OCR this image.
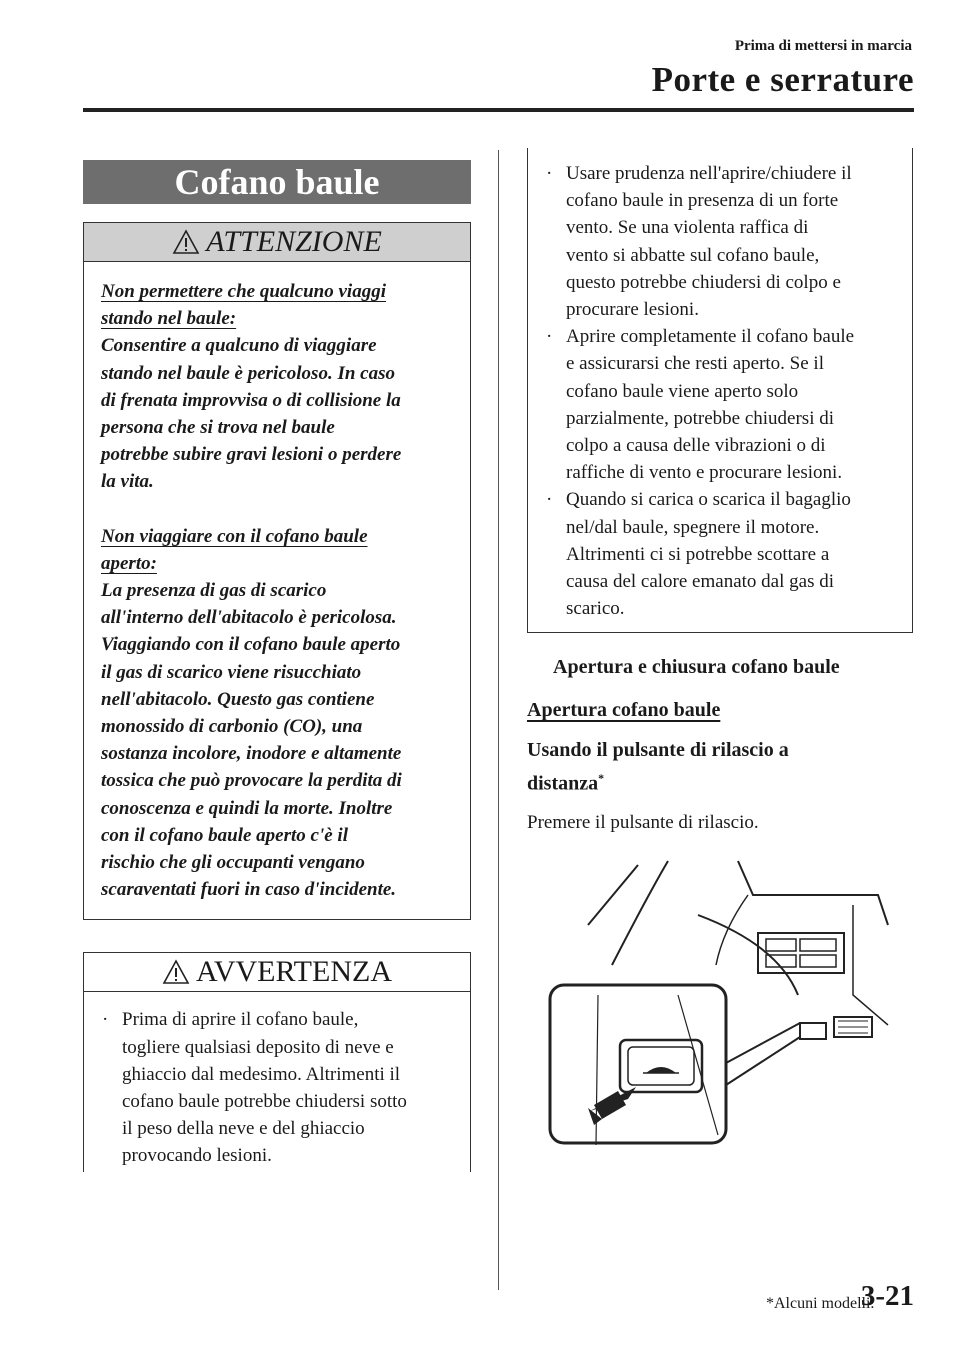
Prima di mettersi in marcia
Porte e serrature
Cofano baule
ATTENZIONE

Non permettere che qualcuno viaggi
stando nel baule:

Consentire a qualcuno di viaggiare
stando nel baule è pericoloso. In caso
di frenata improvvisa o di collisione la
persona che si trova nel baule
potrebbe subire gravi lesioni o perdere
la vita.

Non viaggiare con il cofano baule
aperto:

La presenza di gas di scarico
all'interno dell'abitacolo è pericolosa.
Viaggiando con il cofano baule aperto
il gas di scarico viene risucchiato
nell'abitacolo. Questo gas contiene
monossido di carbonio (CO), una
sostanza incolore, inodore e altamente
tossica che può provocare la perdita di
conoscenza e quindi la morte. Inoltre
con il cofano baule aperto c'è il
rischio che gli occupanti vengano
scaraventati fuori in caso d'incidente.

AVVERTENZA
· Prima di aprire il cofano baule,
togliere qualsiasi deposito di neve e
ghiaccio dal medesimo. Altrimenti il
cofano baule potrebbe chiudersi sotto
il peso della neve e del ghiaccio
provocando lesioni.
· Usare prudenza nell'aprire/chiudere il
cofano baule in presenza di un forte
vento. Se una violenta raffica di
vento si abbatte sul cofano baule,
questo potrebbe chiudersi di colpo e
procurare lesioni.
· Aprire completamente il cofano baule
e assicurarsi che resti aperto. Se il
cofano baule viene aperto solo
parzialmente, potrebbe chiudersi di
colpo a causa delle vibrazioni o di
raffiche di vento e procurare lesioni.
· Quando si carica o scarica il bagaglio
nel/dal baule, spegnere il motore.
Altrimenti ci si potrebbe scottare a
causa del calore emanato dal gas di
scarico.
Apertura e chiusura cofano baule
Apertura cofano baule
Usando il pulsante di rilascio a
distanza*
Premere il pulsante di rilascio.
*Alcuni modelli.
3-21
